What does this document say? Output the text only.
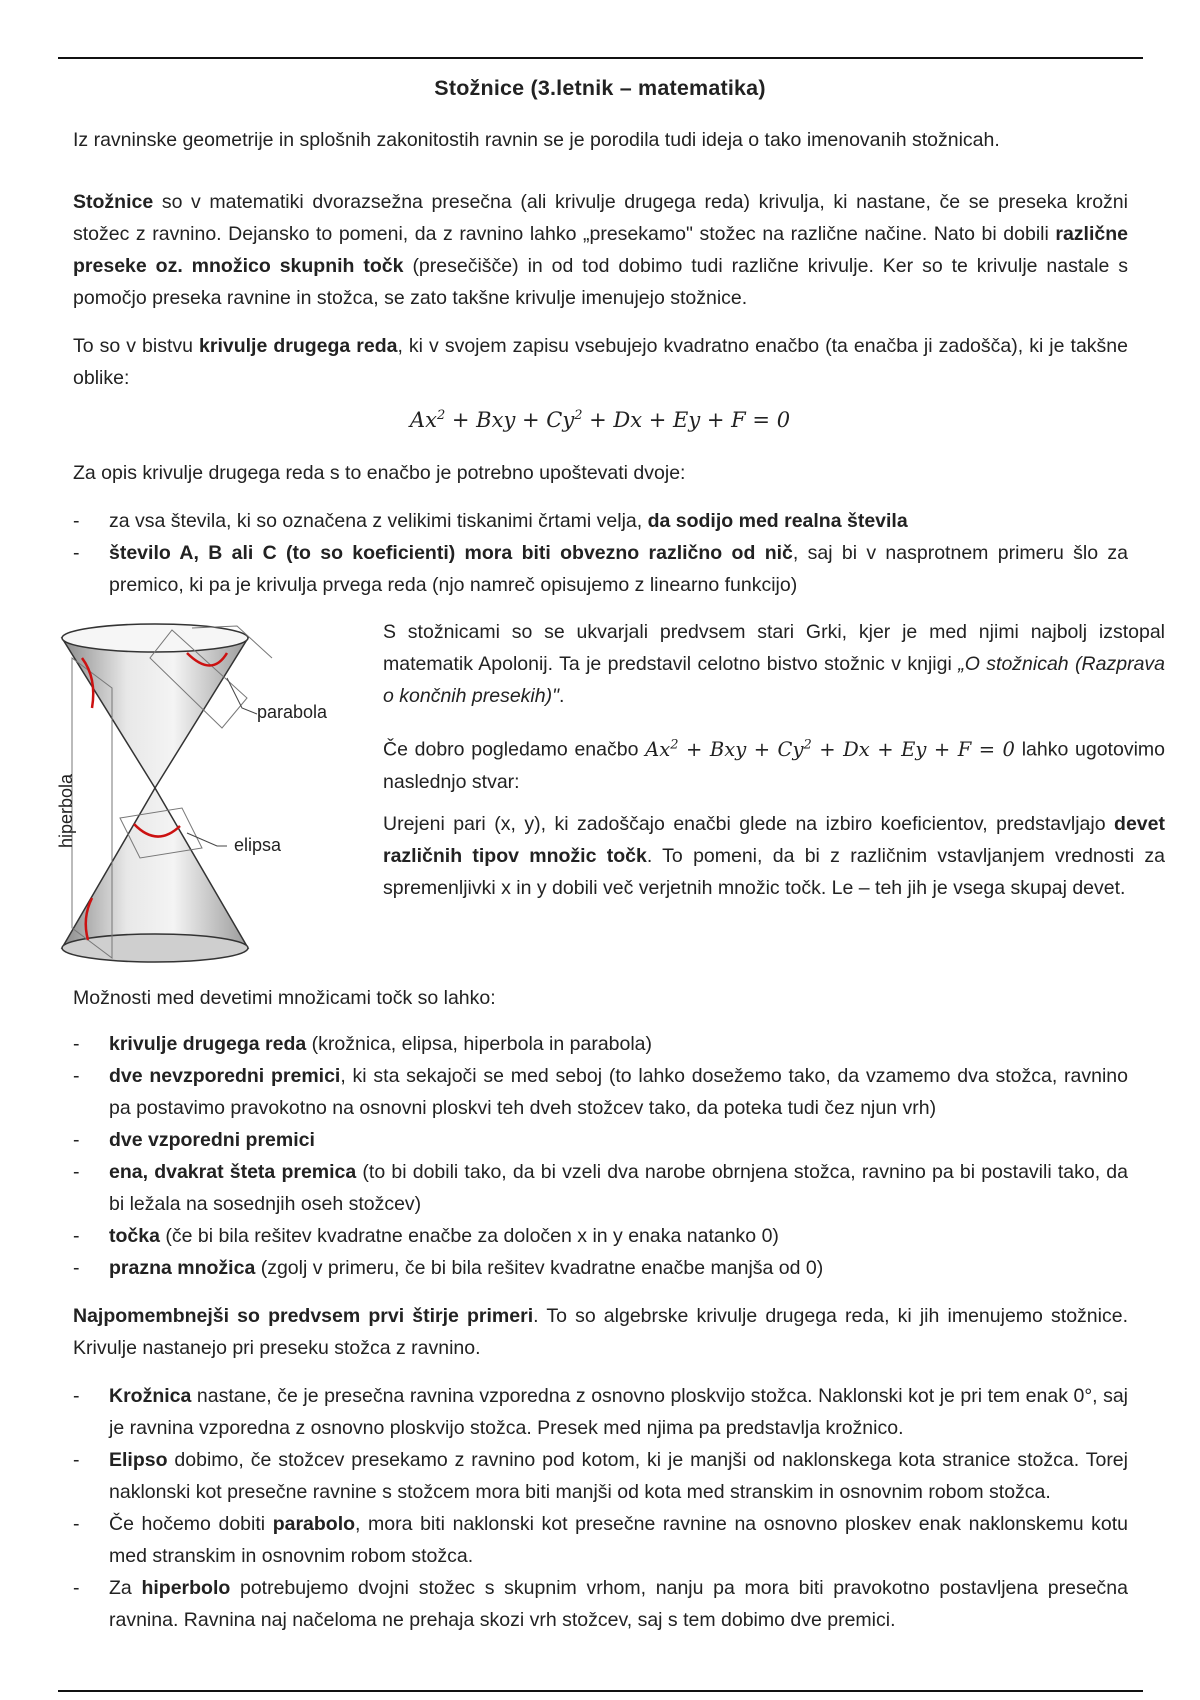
Stožnice (3.letnik – matematika)

Iz ravninske geometrije in splošnih zakonitostih ravnin se je porodila tudi ideja o tako imenovanih stožnicah.

Stožnice so v matematiki dvorazsežna presečna (ali krivulje drugega reda) krivulja, ki nastane, če se preseka krožni stožec z ravnino. Dejansko to pomeni, da z ravnino lahko „presekamo" stožec na različne načine. Nato bi dobili različne preseke oz. množico skupnih točk (presečišče) in od tod dobimo tudi različne krivulje. Ker so te krivulje nastale s pomočjo preseka ravnine in stožca, se zato takšne krivulje imenujejo stožnice.

To so v bistvu krivulje drugega reda, ki v svojem zapisu vsebujejo kvadratno enačbo (ta enačba ji zadošča), ki je takšne oblike:

$Ax^2$ + Bxy + $Cy^2 + Dx + Ey + F = 0$

Za opis krivulje drugega reda s to enačbo je potrebno upoštevati dvoje:

- za vsa števila, ki so označena z velikimi tiskanimi črtami velja, da sodijo med realna števila
- število A, B ali C (to so koeficienti) mora biti obvezno različno od nič, saj bi v nasprotnem primeru šlo za premico, ki pa je krivulja prvega reda (njo namreč opisujemo z linearno funkcijo)
parabola
elipsa
hiperbola

S stožnicami so se ukvarjali predvsem stari Grki, kjer je med njimi najbolj izstopal matematik Apolonij. Ta je predstavil celotno bistvo stožnic v knjigi „O stožnicah (Razprava o končnih presekih)".

Če dobro pogledamo enačbo $Ax^2$ + Bxy + $Cy^2 + Dx + Ey + F = 0$ lahko ugotovimo naslednjo stvar:

Urejeni pari (x, y), ki zadoščajo enačbi glede na izbiro koeficientov, predstavljajo devet različnih tipov množic točk. To pomeni, da bi z različnim vstavljanjem vrednosti za spremenljivki x in y dobili več verjetnih množic točk. Le – teh jih je vsega skupaj devet.

Možnosti med devetimi množicami točk so lahko:

- krivulje drugega reda (krožnica, elipsa, hiperbola in parabola)
- dve nevzporedni premici, ki sta sekajoči se med seboj (to lahko dosežemo tako, da vzamemo dva stožca, ravnino pa postavimo pravokotno na osnovni ploskvi teh dveh stožcev tako, da poteka tudi čez njun vrh)
- dve vzporedni premici
- ena, dvakrat šteta premica (to bi dobili tako, da bi vzeli dva narobe obrnjena stožca, ravnino pa bi postavili tako, da bi ležala na sosednjih oseh stožcev)
- točka (če bi bila rešitev kvadratne enačbe za določen x in y enaka natanko 0)
- prazna množica (zgolj v primeru, če bi bila rešitev kvadratne enačbe manjša od 0)

Najpomembnejši so predvsem prvi štirje primeri. To so algebrske krivulje drugega reda, ki jih imenujemo stožnice. Krivulje nastanejo pri preseku stožca z ravnino.

- Krožnica nastane, če je presečna ravnina vzporedna z osnovno ploskvijo stožca. Naklonski kot je pri tem enak 0°, saj je ravnina vzporedna z osnovno ploskvijo stožca. Presek med njima pa predstavlja krožnico.
- Elipso dobimo, če stožcev presekamo z ravnino pod kotom, ki je manjši od naklonskega kota stranice stožca. Torej naklonski kot presečne ravnine s stožcem mora biti manjši od kota med stranskim in osnovnim robom stožca.
- Če hočemo dobiti parabolo, mora biti naklonski kot presečne ravnine na osnovno ploskev enak naklonskemu kotu med stranskim in osnovnim robom stožca.
- Za hiperbolo potrebujemo dvojni stožec s skupnim vrhom, nanju pa mora biti pravokotno postavljena presečna ravnina. Ravnina naj načeloma ne prehaja skozi vrh stožcev, saj s tem dobimo dve premici.
